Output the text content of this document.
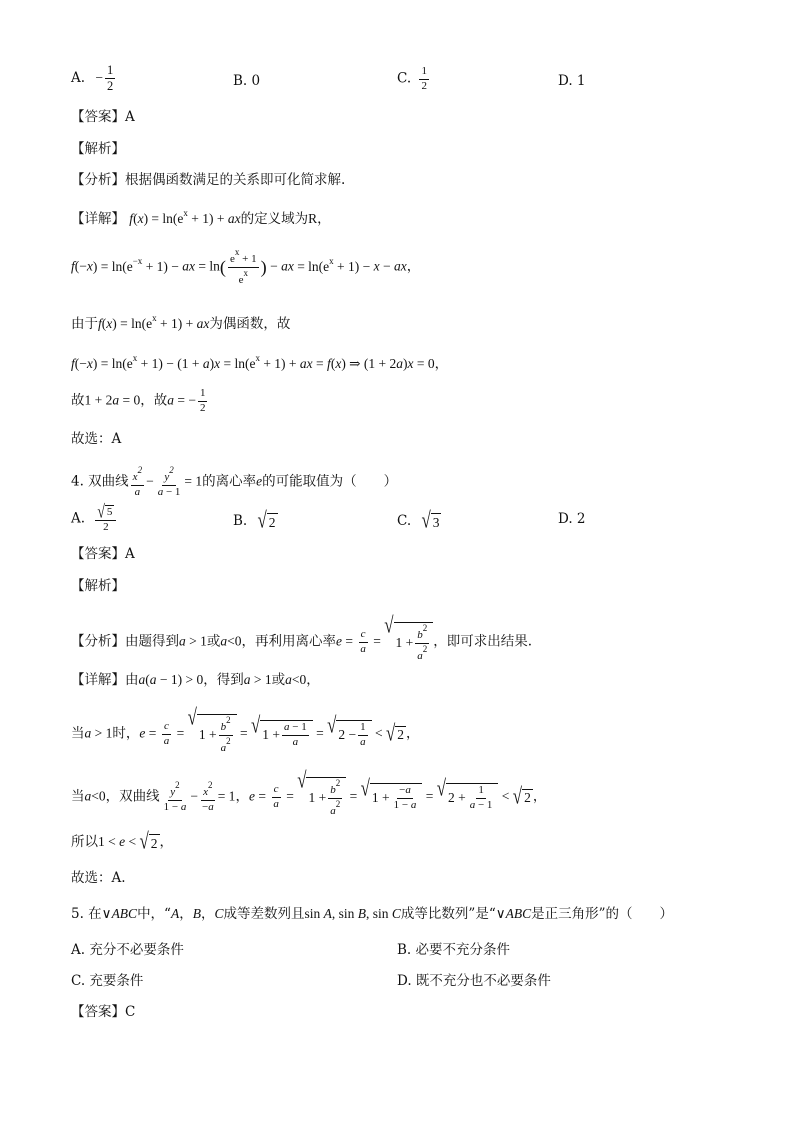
A. − $\frac{1}{2}$	B. 0	C. $\frac{1}{2}$	D. 1
【答案】A
【解析】
【分析】根据偶函数满足的关系即可化简求解.
【详解】 $f(x) = \ln(e^x + 1)$ + ax的定义域为R，
$f(-x) = \ln(e^{-x} + 1)$ − ax = $\ln( \frac{e^x + 1}{e^x}$ ) − ax = $\ln(e^x + 1) - x$ − ax，
由于$f(x) = \ln(e^x + 1)$ + ax为偶函数，故
$f(-x) = \ln(e^x + 1) - (1 + a)x = \ln(e^x + 1)$ + ax = f(x) ⇒ (1 + 2a)x = 0，
故1 + 2a = 0，故a = − $\frac{1}{2}$
故选：A
4. 双曲线 $\frac{x^2}{a} - \frac{y^2}{a - 1} = 1$的离心率e的可能取值为（　　）
A. $\frac{√ 5}{2}$	B. √ 2	C. √ 3	D. 2
【答案】A
【解析】
【分析】由题得到a > 1或a<0，再利用离心率$e = \frac{c}{a}$ =
√
$1 + \frac{b^2}{a^2}$ ，即可求出结果.
【详解】由a(a − 1) > 0，得到a > 1或a<0，
当a > 1时，$e = \frac{c}{a}$ =
√
$1 + \frac{b^2}{a^2}$ = √ $1 + \frac{a - 1}{a}$ = √ $2 - \frac{1}{a}$ < √ 2 ，
当a<0，双曲线 $\frac{y^2}{1 - a} - \frac{x^2}{-a} = 1$，$e = \frac{c}{a}$ =
√
$1 + \frac{b^2}{a^2}$ = √ $1 + \frac{-a}{1 - a}$ = √ $2 + \frac{1}{a - 1}$ < √ 2 ，
所以1 < e < √ 2 ，
故选：A.
5. 在∨ABC中，“A，B，C成等差数列且sin A, sin B, sin C成等比数列”是“∨ABC是正三角形”的（　　）
A. 充分不必要条件	B. 必要不充分条件
C. 充要条件	D. 既不充分也不必要条件
【答案】C
